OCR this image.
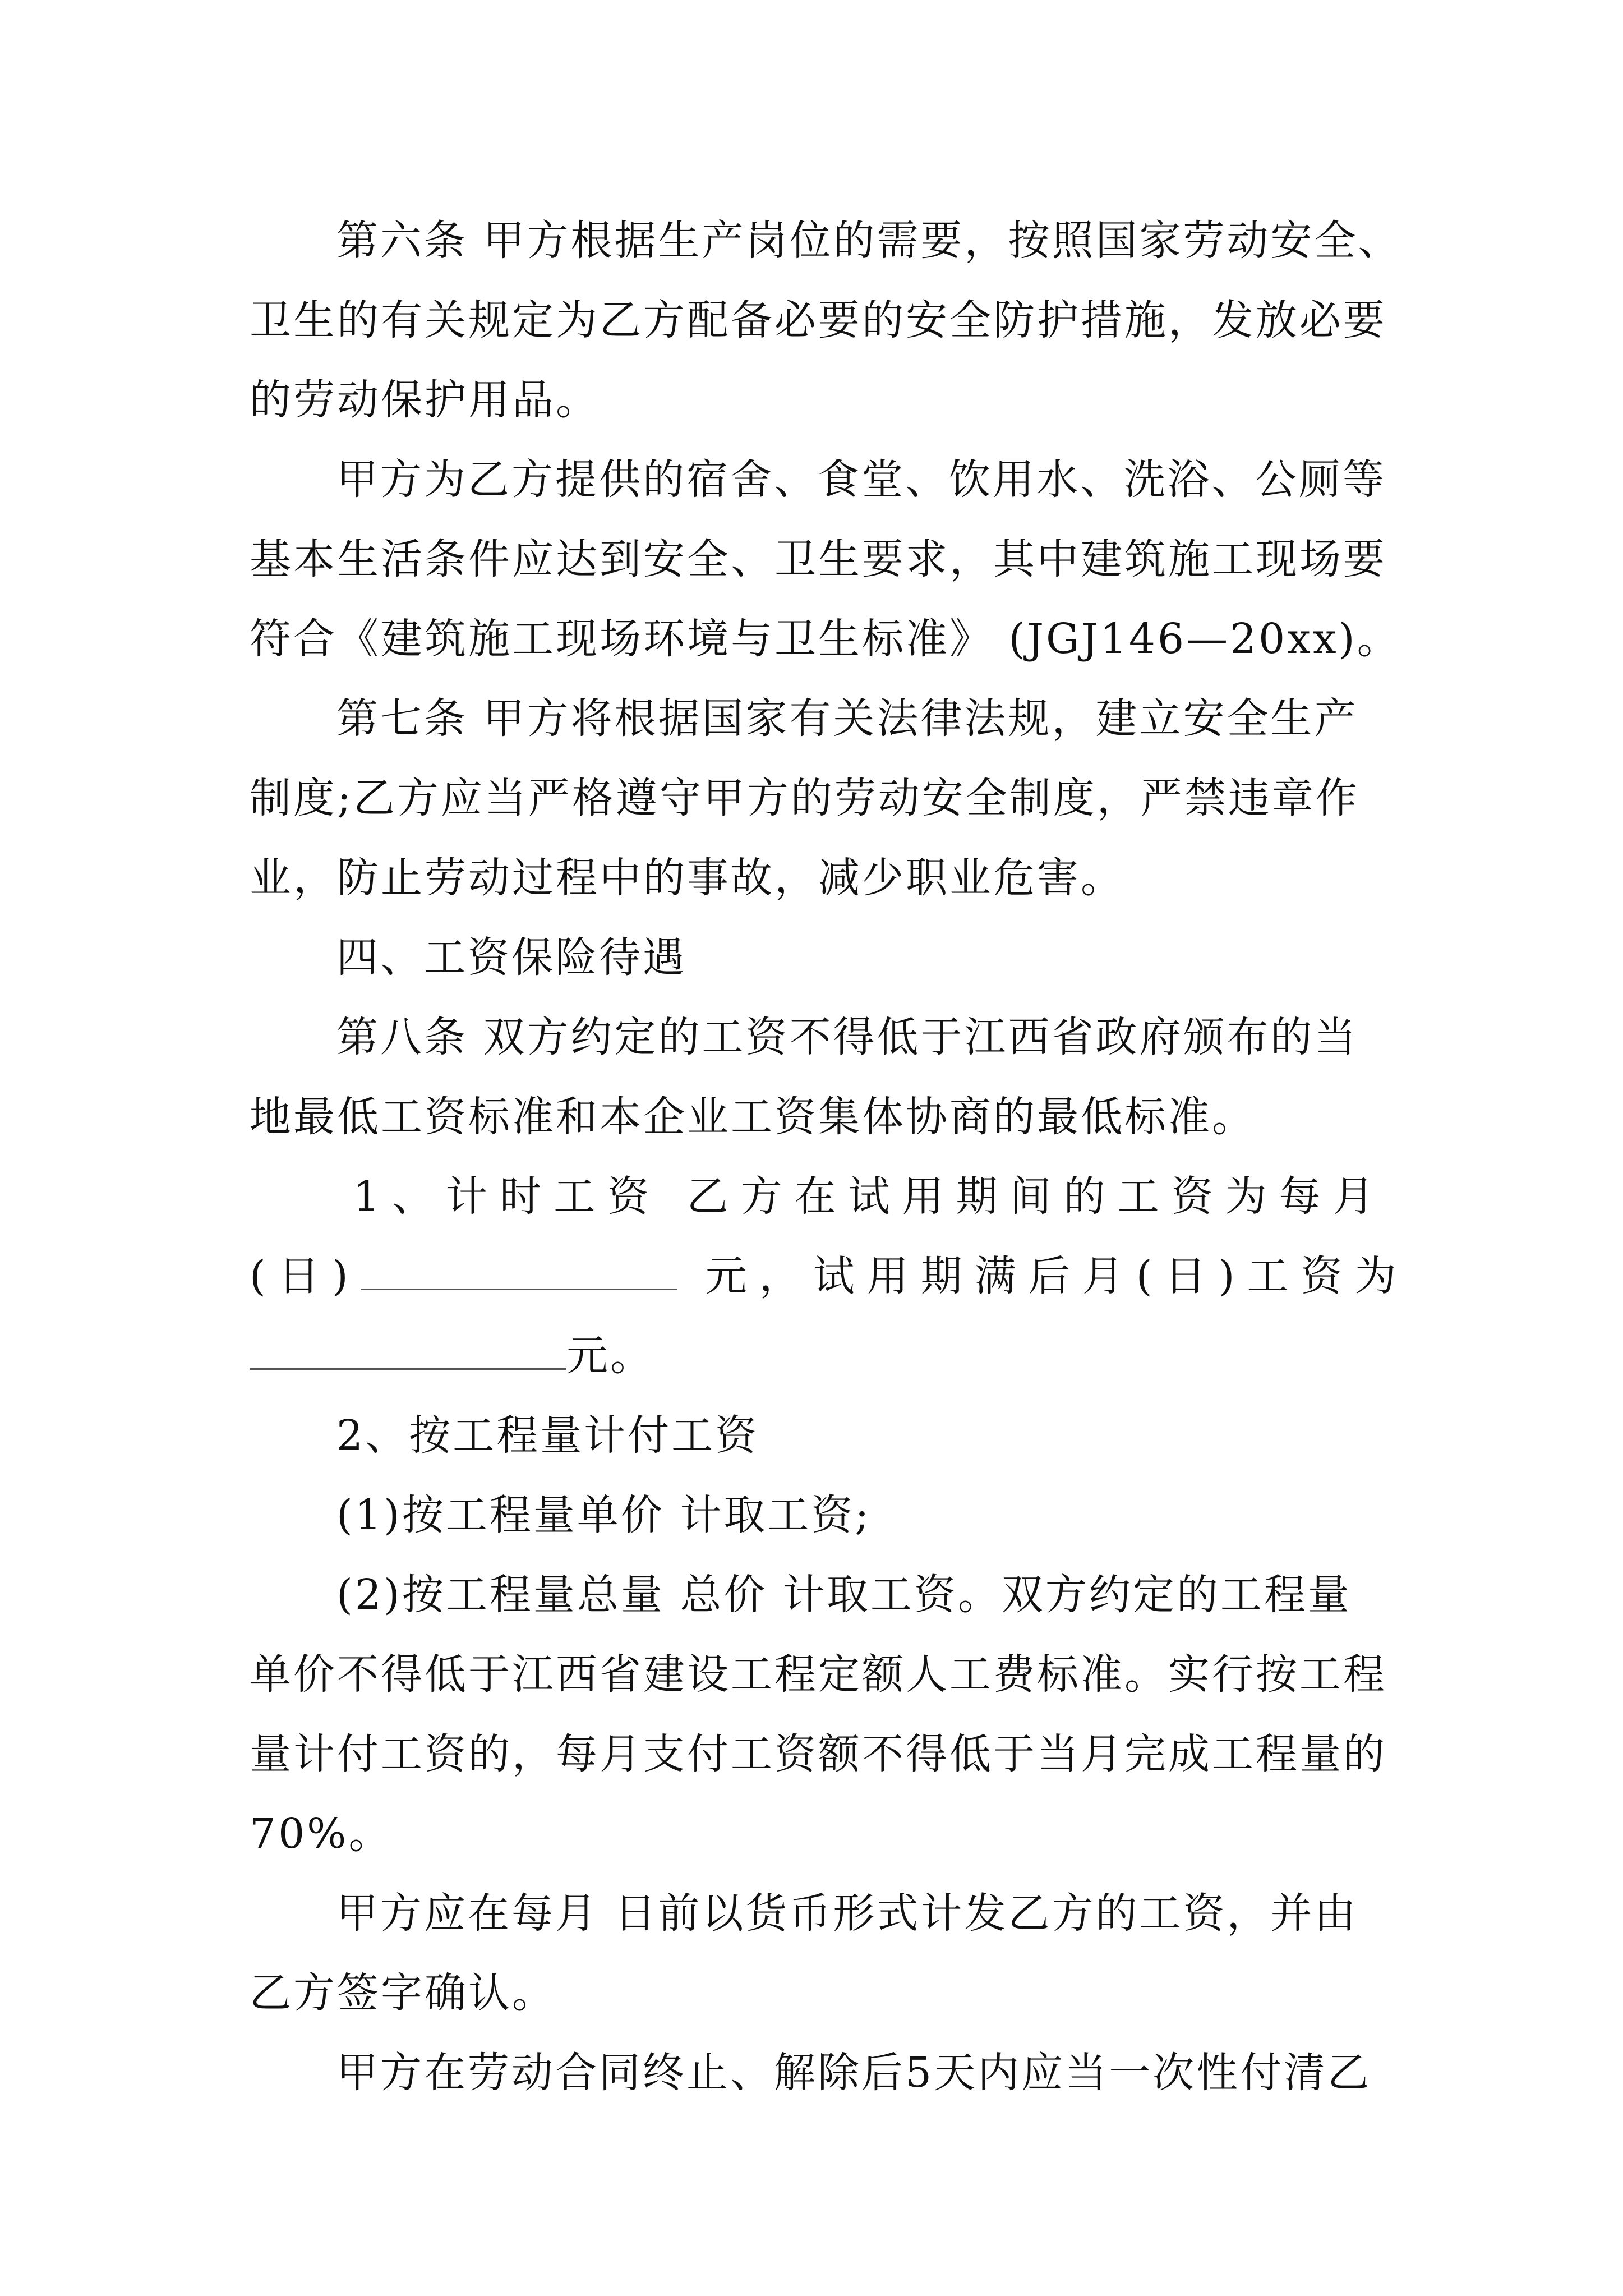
第六条 甲方根据生产岗位的需要，按照国家劳动安全、
卫生的有关规定为乙方配备必要的安全防护措施，发放必要
的劳动保护用品。
甲方为乙方提供的宿舍、食堂、饮用水、洗浴、公厕等
基本生活条件应达到安全、卫生要求，其中建筑施工现场要
符合《建筑施工现场环境与卫生标准》 (JGJ146—20xx)。
第七条 甲方将根据国家有关法律法规，建立安全生产
制度;乙方应当严格遵守甲方的劳动安全制度，严禁违章作
业，防止劳动过程中的事故，减少职业危害。
四、工资保险待遇
第八条 双方约定的工资不得低于江西省政府颁布的当
地最低工资标准和本企业工资集体协商的最低标准。
1、计时工资 乙方在试用期间的工资为每月
(日)	元，试用期满后月(日)工资为
元。
2、按工程量计付工资
(1)按工程量单价 计取工资;
(2)按工程量总量 总价 计取工资。双方约定的工程量
单价不得低于江西省建设工程定额人工费标准。实行按工程
量计付工资的，每月支付工资额不得低于当月完成工程量的
70%。
甲方应在每月 日前以货币形式计发乙方的工资，并由
乙方签字确认。
甲方在劳动合同终止、解除后5天内应当一次性付清乙
